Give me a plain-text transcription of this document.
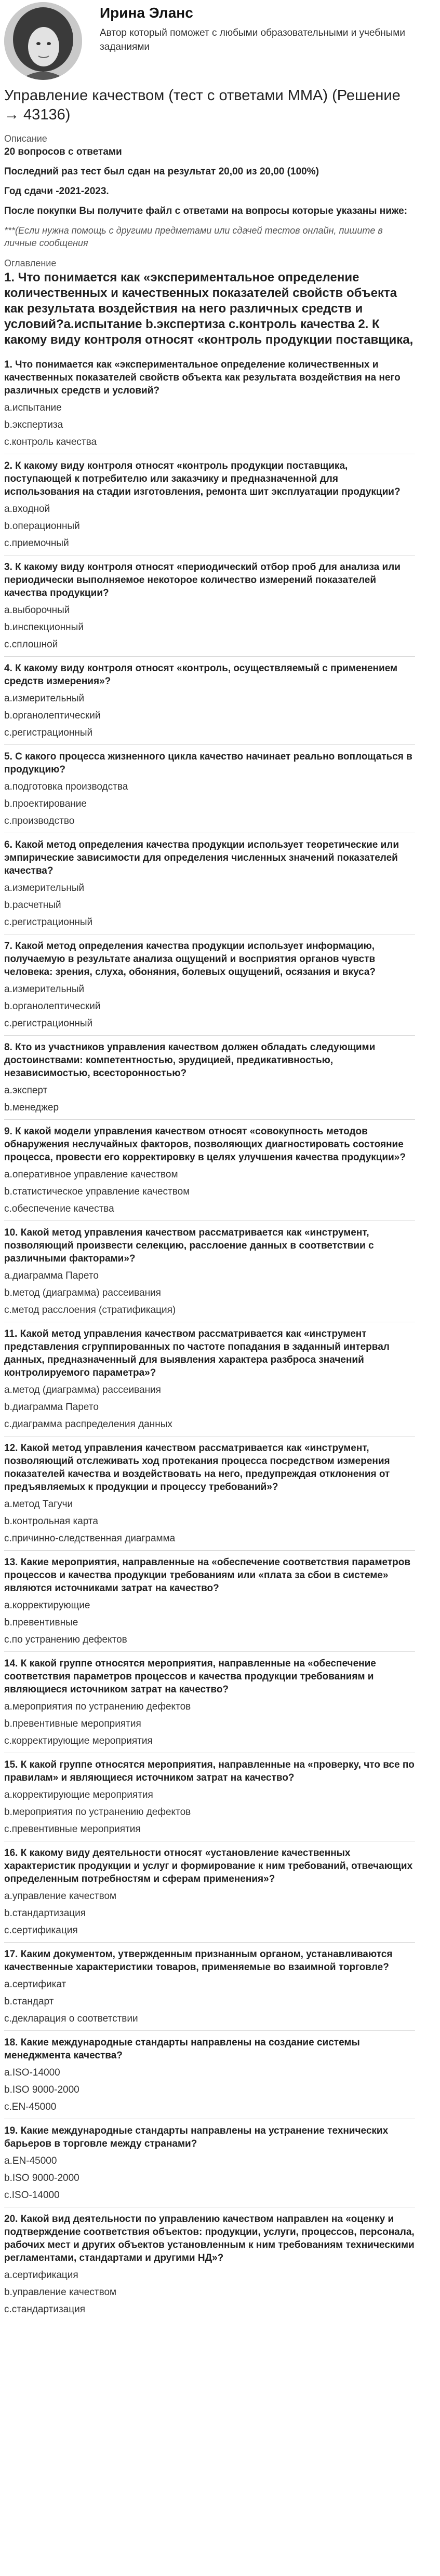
Ирина Эланс
Автор который поможет с любыми образовательными и учебными заданиями
Управление качеством (тест с ответами ММА) (Решение → 43136)
Описание
20 вопросов с ответами
Последний раз тест был сдан на результат 20,00 из 20,00 (100%)
Год сдачи -2021-2023.
После покупки Вы получите файл с ответами на вопросы которые указаны ниже:
***(Если нужна помощь с другими предметами или сдачей тестов онлайн, пишите в личные сообщения
Оглавление
1. Что понимается как «экспериментальное определение количественных и качественных показателей свойств объекта как результата воздействия на него различных средств и условий?a.испытание b.экспертиза c.контроль качества 2. К какому виду контроля относят «контроль продукции поставщика,
1. Что понимается как «экспериментальное определение количественных и качественных показателей свойств объекта как результата воздействия на него различных средств и условий?
a.испытание
b.экспертиза
c.контроль качества
2. К какому виду контроля относят «контроль продукции поставщика, поступающей к потребителю или заказчику и предназначенной для использования на стадии изготовления, ремонта шит эксплуатации продукции?
a.входной
b.операционный
c.приемочный
3. К какому виду контроля относят «периодический отбор проб для анализа или периодически выполняемое некоторое количество измерений показателей качества продукции?
a.выборочный
b.инспекционный
c.сплошной
4. К какому виду контроля относят «контроль, осуществляемый с применением средств измерения»?
a.измерительный
b.органолептический
c.регистрационный
5. С какого процесса жизненного цикла качество начинает реально воплощаться в продукцию?
a.подготовка производства
b.проектирование
c.производство
6. Какой метод определения качества продукции использует теоретические или эмпирические зависимости для определения численных значений показателей качества?
a.измерительный
b.расчетный
c.регистрационный
7. Какой метод определения качества продукции использует информацию, получаемую в результате анализа ощущений и восприятия органов чувств человека: зрения, слуха, обоняния, болевых ощущений, осязания и вкуса?
a.измерительный
b.органолептический
c.регистрационный
8. Кто из участников управления качеством должен обладать следующими достоинствами: компетентностью, эрудицией, предикативностью, независимостью, всесторонностью?
a.эксперт
b.менеджер
9. К какой модели управления качеством относят «совокупность методов обнаружения неслучайных факторов, позволяющих диагностировать состояние процесса, провести его корректировку в целях улучшения качества продукции»?
a.оперативное управление качеством
b.статистическое управление качеством
c.обеспечение качества
10. Какой метод управления качеством рассматривается как «инструмент, позволяющий произвести селекцию, расслоение данных в соответствии с различными факторами»?
a.диаграмма Парето
b.метод (диаграмма) рассеивания
c.метод расслоения (стратификация)
11. Какой метод управления качеством рассматривается как «инструмент представления сгруппированных по частоте попадания в заданный интервал данных, предназначенный для выявления характера разброса значений контролируемого параметра»?
a.метод (диаграмма) рассеивания
b.диаграмма Парето
c.диаграмма распределения данных
12. Какой метод управления качеством рассматривается как «инструмент, позволяющий отслеживать ход протекания процесса посредством измерения показателей качества и воздействовать на него, предупреждая отклонения от предъявляемых к продукции и процессу требований»?
a.метод Тагучи
b.контрольная карта
c.причинно-следственная диаграмма
13. Какие мероприятия, направленные на «обеспечение соответствия параметров процессов и качества продукции требованиям или «плата за сбои в системе» являются источниками затрат на качество?
a.корректирующие
b.превентивные
c.по устранению дефектов
14. К какой группе относятся мероприятия, направленные на «обеспечение соответствия параметров процессов и качества продукции требованиям и являющиеся источником затрат на качество?
a.мероприятия по устранению дефектов
b.превентивные мероприятия
c.корректирующие мероприятия
15. К какой группе относятся мероприятия, направленные на «проверку, что все по правилам» и являющиеся источником затрат на качество?
a.корректирующие мероприятия
b.мероприятия по устранению дефектов
c.превентивные мероприятия
16. К какому виду деятельности относят «установление качественных характеристик продукции и услуг и формирование к ним требований, отвечающих определенным потребностям и сферам применения»?
a.управление качеством
b.стандартизация
c.сертификация
17. Каким документом, утвержденным признанным органом, устанавливаются качественные характеристики товаров, применяемые во взаимной торговле?
a.сертификат
b.стандарт
c.декларация о соответствии
18. Какие международные стандарты направлены на создание системы менеджмента качества?
a.ISO-14000
b.ISO 9000-2000
c.EN-45000
19. Какие международные стандарты направлены на устранение технических барьеров в торговле между странами?
a.EN-45000
b.ISO 9000-2000
c.ISO-14000
20. Какой вид деятельности по управлению качеством направлен на «оценку и подтверждение соответствия объектов: продукции, услуги, процессов, персонала, рабочих мест и других объектов установленным к ним требованиям техническими регламентами, стандартами и другими НД»?
a.сертификация
b.управление качеством
c.стандартизация
